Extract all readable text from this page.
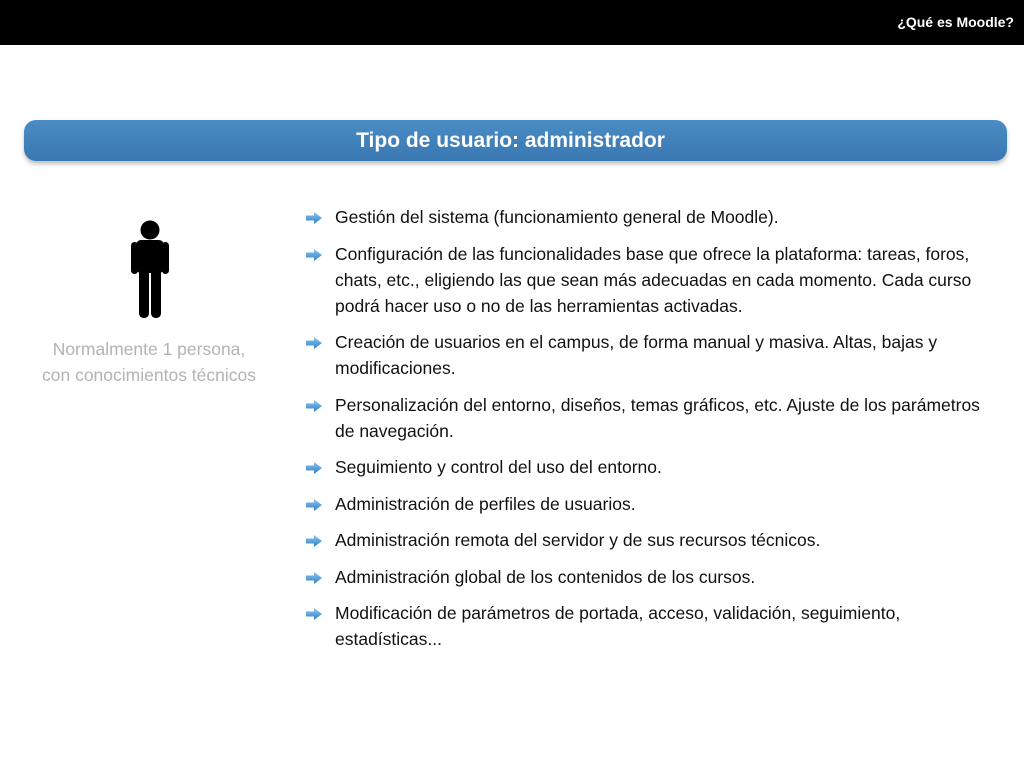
¿Qué es Moodle?
Tipo de usuario: administrador
Normalmente 1 persona, con conocimientos técnicos
Gestión del sistema (funcionamiento general de Moodle).
Configuración de las funcionalidades base que ofrece la plataforma: tareas, foros, chats, etc., eligiendo las que sean más adecuadas en cada momento. Cada curso podrá hacer uso o no de las herramientas activadas.
Creación de usuarios en el campus, de forma manual y masiva. Altas, bajas y modificaciones.
Personalización del entorno, diseños, temas gráficos, etc. Ajuste de los parámetros de navegación.
Seguimiento y control del uso del entorno.
Administración de perfiles de usuarios.
Administración remota del servidor y de sus recursos técnicos.
Administración global de los contenidos de los cursos.
Modificación de parámetros de portada, acceso, validación, seguimiento, estadísticas...
